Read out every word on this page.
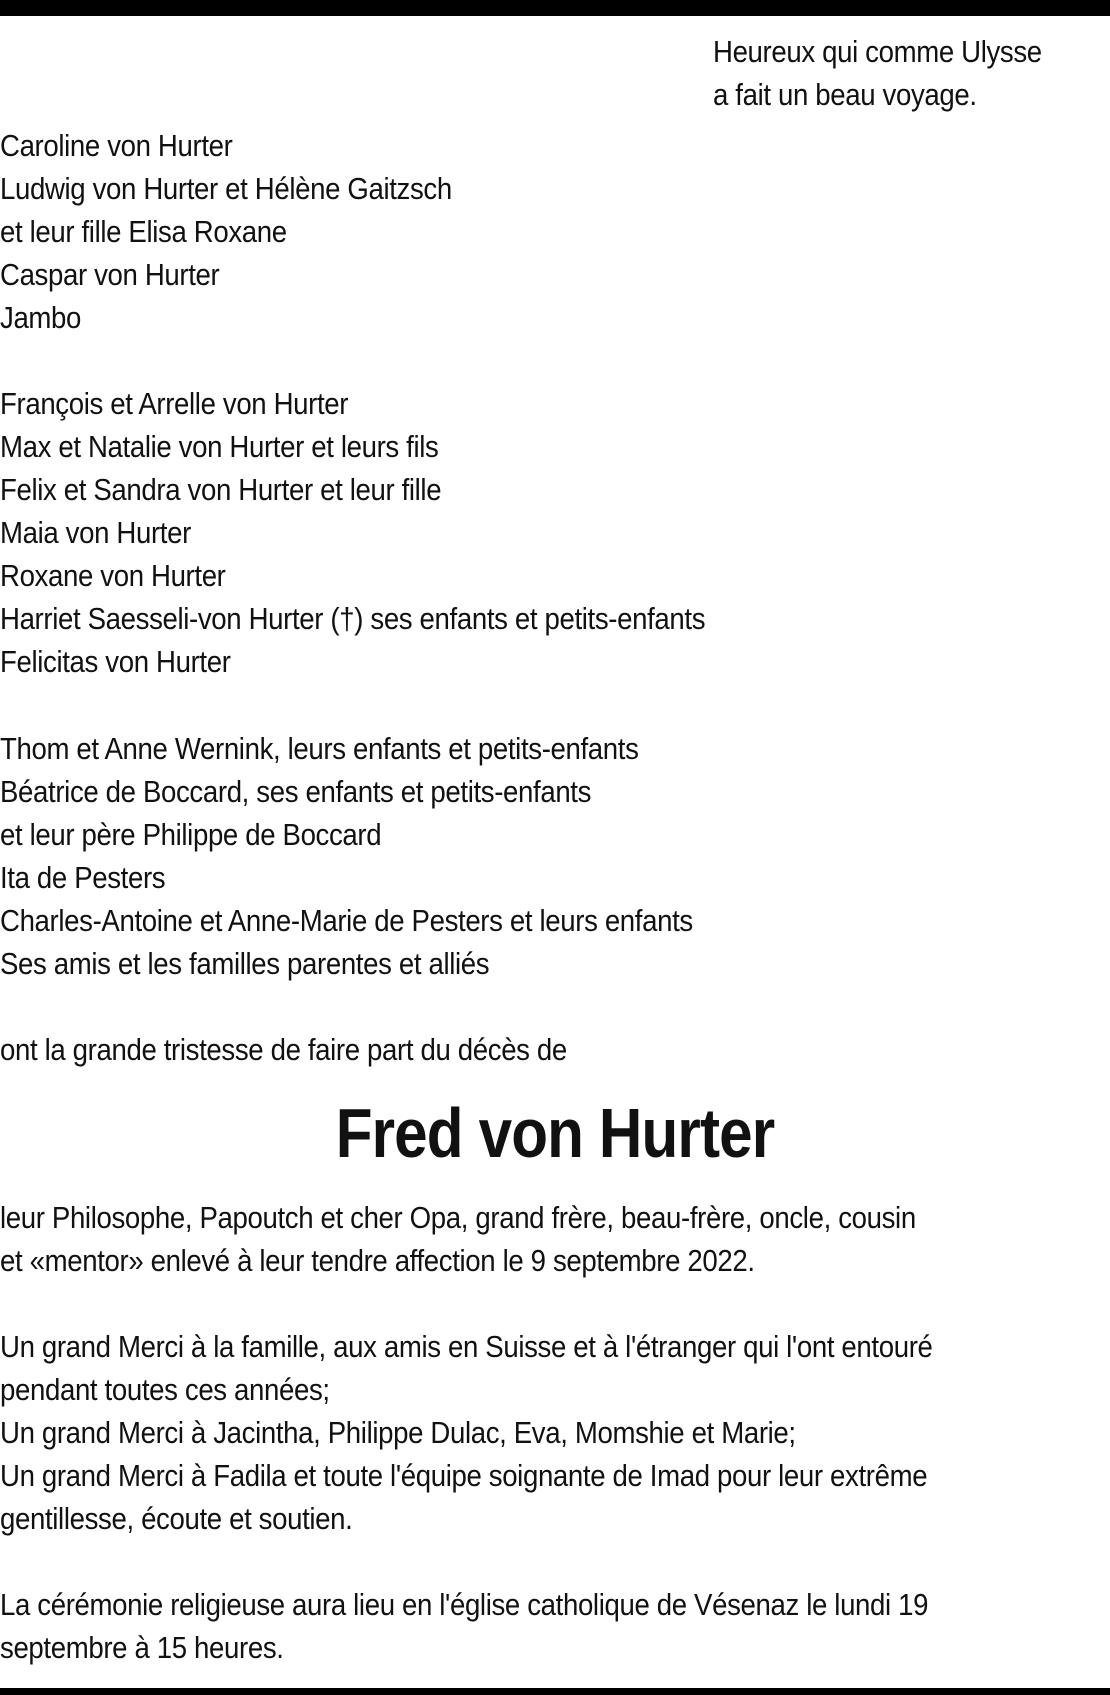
Heureux qui comme Ulysse
a fait un beau voyage.
Caroline von Hurter
Ludwig von Hurter et Hélène Gaitzsch
et leur fille Elisa Roxane
Caspar von Hurter
Jambo
François et Arrelle von Hurter
Max et Natalie von Hurter et leurs fils
Felix et Sandra von Hurter et leur fille
Maia von Hurter
Roxane von Hurter
Harriet Saesseli-von Hurter (†) ses enfants et petits-enfants
Felicitas von Hurter
Thom et Anne Wernink, leurs enfants et petits-enfants
Béatrice de Boccard, ses enfants et petits-enfants
et leur père Philippe de Boccard
Ita de Pesters
Charles-Antoine et Anne-Marie de Pesters et leurs enfants
Ses amis et les familles parentes et alliés
ont la grande tristesse de faire part du décès de
Fred von Hurter
leur Philosophe, Papoutch et cher Opa, grand frère, beau-frère, oncle, cousin
et «mentor» enlevé à leur tendre affection le 9 septembre 2022.
Un grand Merci à la famille, aux amis en Suisse et à l'étranger qui l'ont entouré
pendant toutes ces années;
Un grand Merci à Jacintha, Philippe Dulac, Eva, Momshie et Marie;
Un grand Merci à Fadila et toute l'équipe soignante de Imad pour leur extrême
gentillesse, écoute et soutien.
La cérémonie religieuse aura lieu en l'église catholique de Vésenaz le lundi 19
septembre à 15 heures.
